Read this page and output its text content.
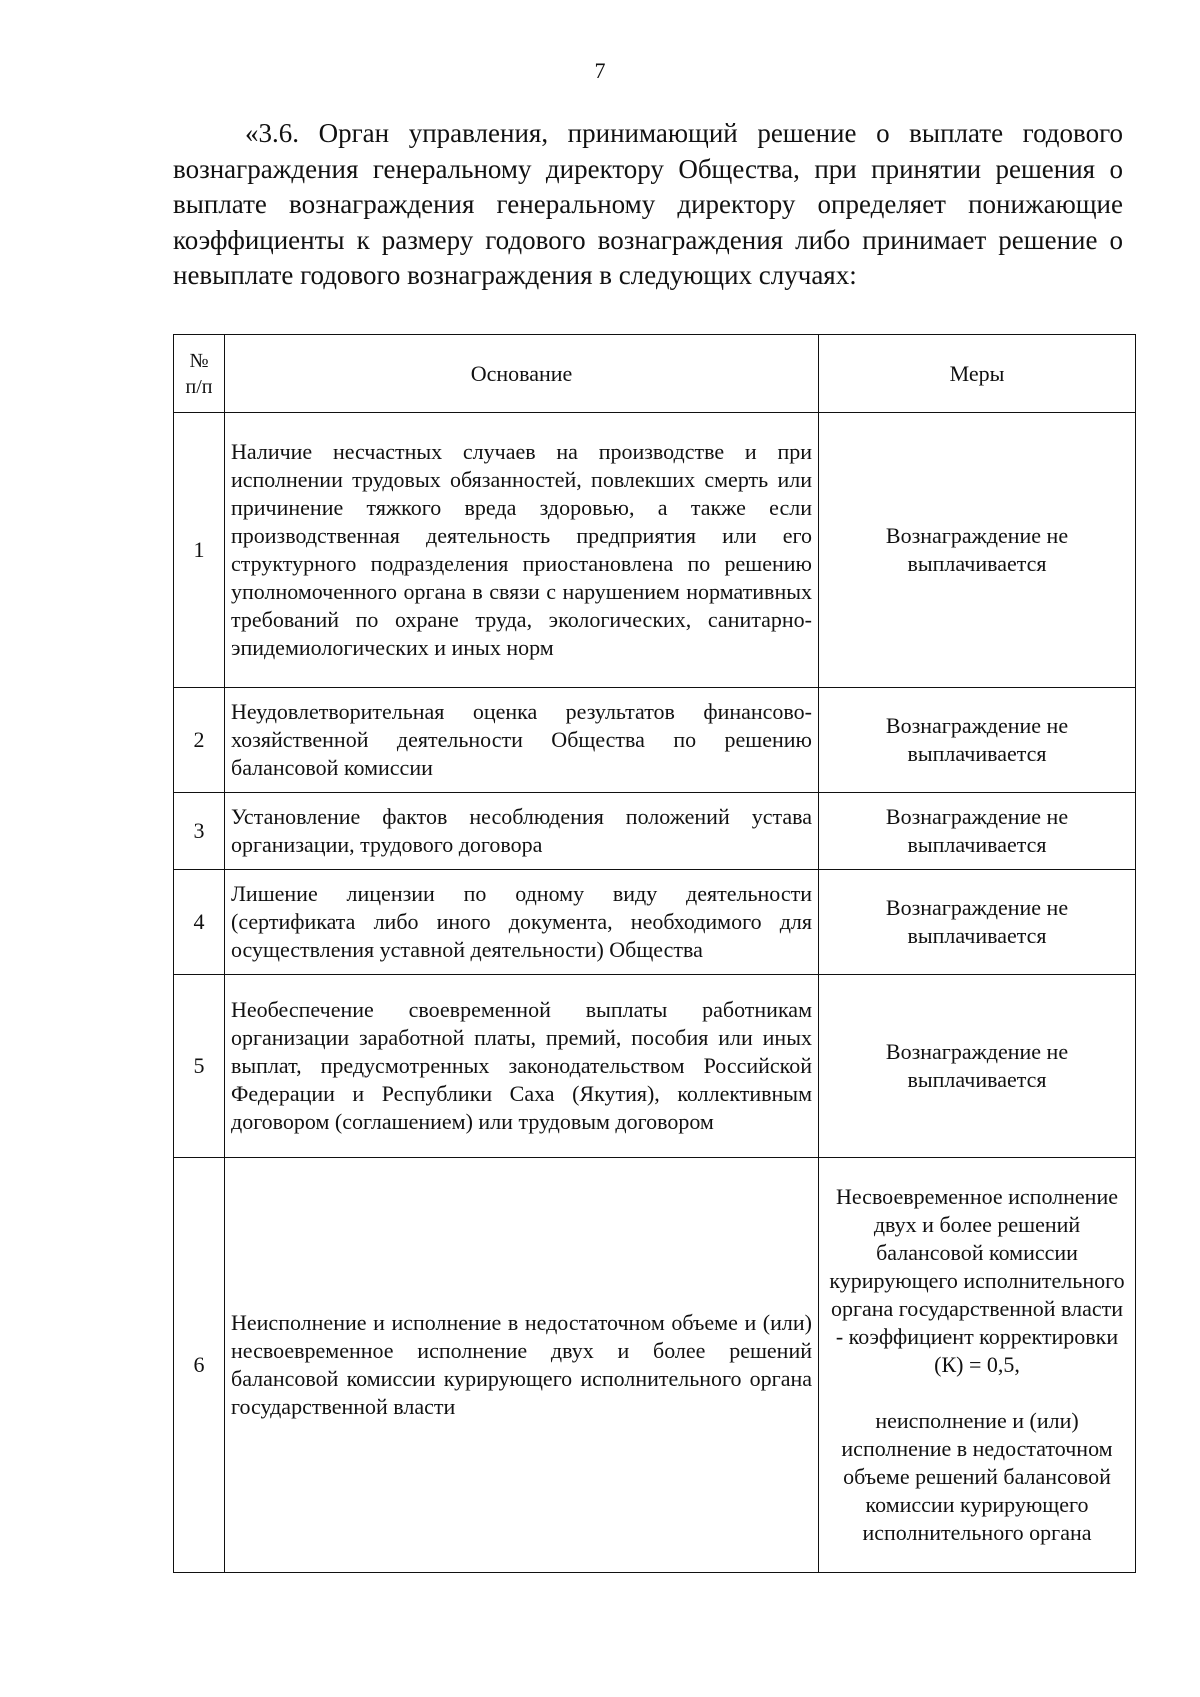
7

«3.6. Орган управления, принимающий решение о выплате годового вознаграждения генеральному директору Общества, при принятии решения о выплате вознаграждения генеральному директору определяет понижающие коэффициенты к размеру годового вознаграждения либо принимает решение о невыплате годового вознаграждения в следующих случаях:

№
п/п	Основание	Меры
1	Наличие несчастных случаев на производстве и при исполнении трудовых обязанностей, повлекших смерть или причинение тяжкого вреда здоровью, а также если производственная деятельность предприятия или его структурного подразделения приостановлена по решению уполномоченного органа в связи с нарушением нормативных требований по охране труда, экологических, санитарно-эпидемиологических и иных норм	Вознаграждение не
выплачивается
2	Неудовлетворительная оценка результатов финансово-хозяйственной деятельности Общества по решению балансовой комиссии	Вознаграждение не
выплачивается
3	Установление фактов несоблюдения положений устава организации, трудового договора	Вознаграждение не
выплачивается
4	Лишение лицензии по одному виду деятельности (сертификата либо иного документа, необходимого для осуществления уставной деятельности) Общества	Вознаграждение не
выплачивается
5	Необеспечение своевременной выплаты работникам организации заработной платы, премий, пособия или иных выплат, предусмотренных законодательством Российской Федерации и Республики Саха (Якутия), коллективным договором (соглашением) или трудовым договором	Вознаграждение не
выплачивается
6	Неисполнение и исполнение в недостаточном объеме и (или) несвоевременное исполнение двух и более решений балансовой комиссии курирующего исполнительного органа государственной власти	Несвоевременное исполнение двух и более решений балансовой комиссии курирующего исполнительного органа государственной власти - коэффициент корректировки (К) = 0,5,
неисполнение и (или) исполнение в недостаточном объеме решений балансовой комиссии курирующего исполнительного органа
